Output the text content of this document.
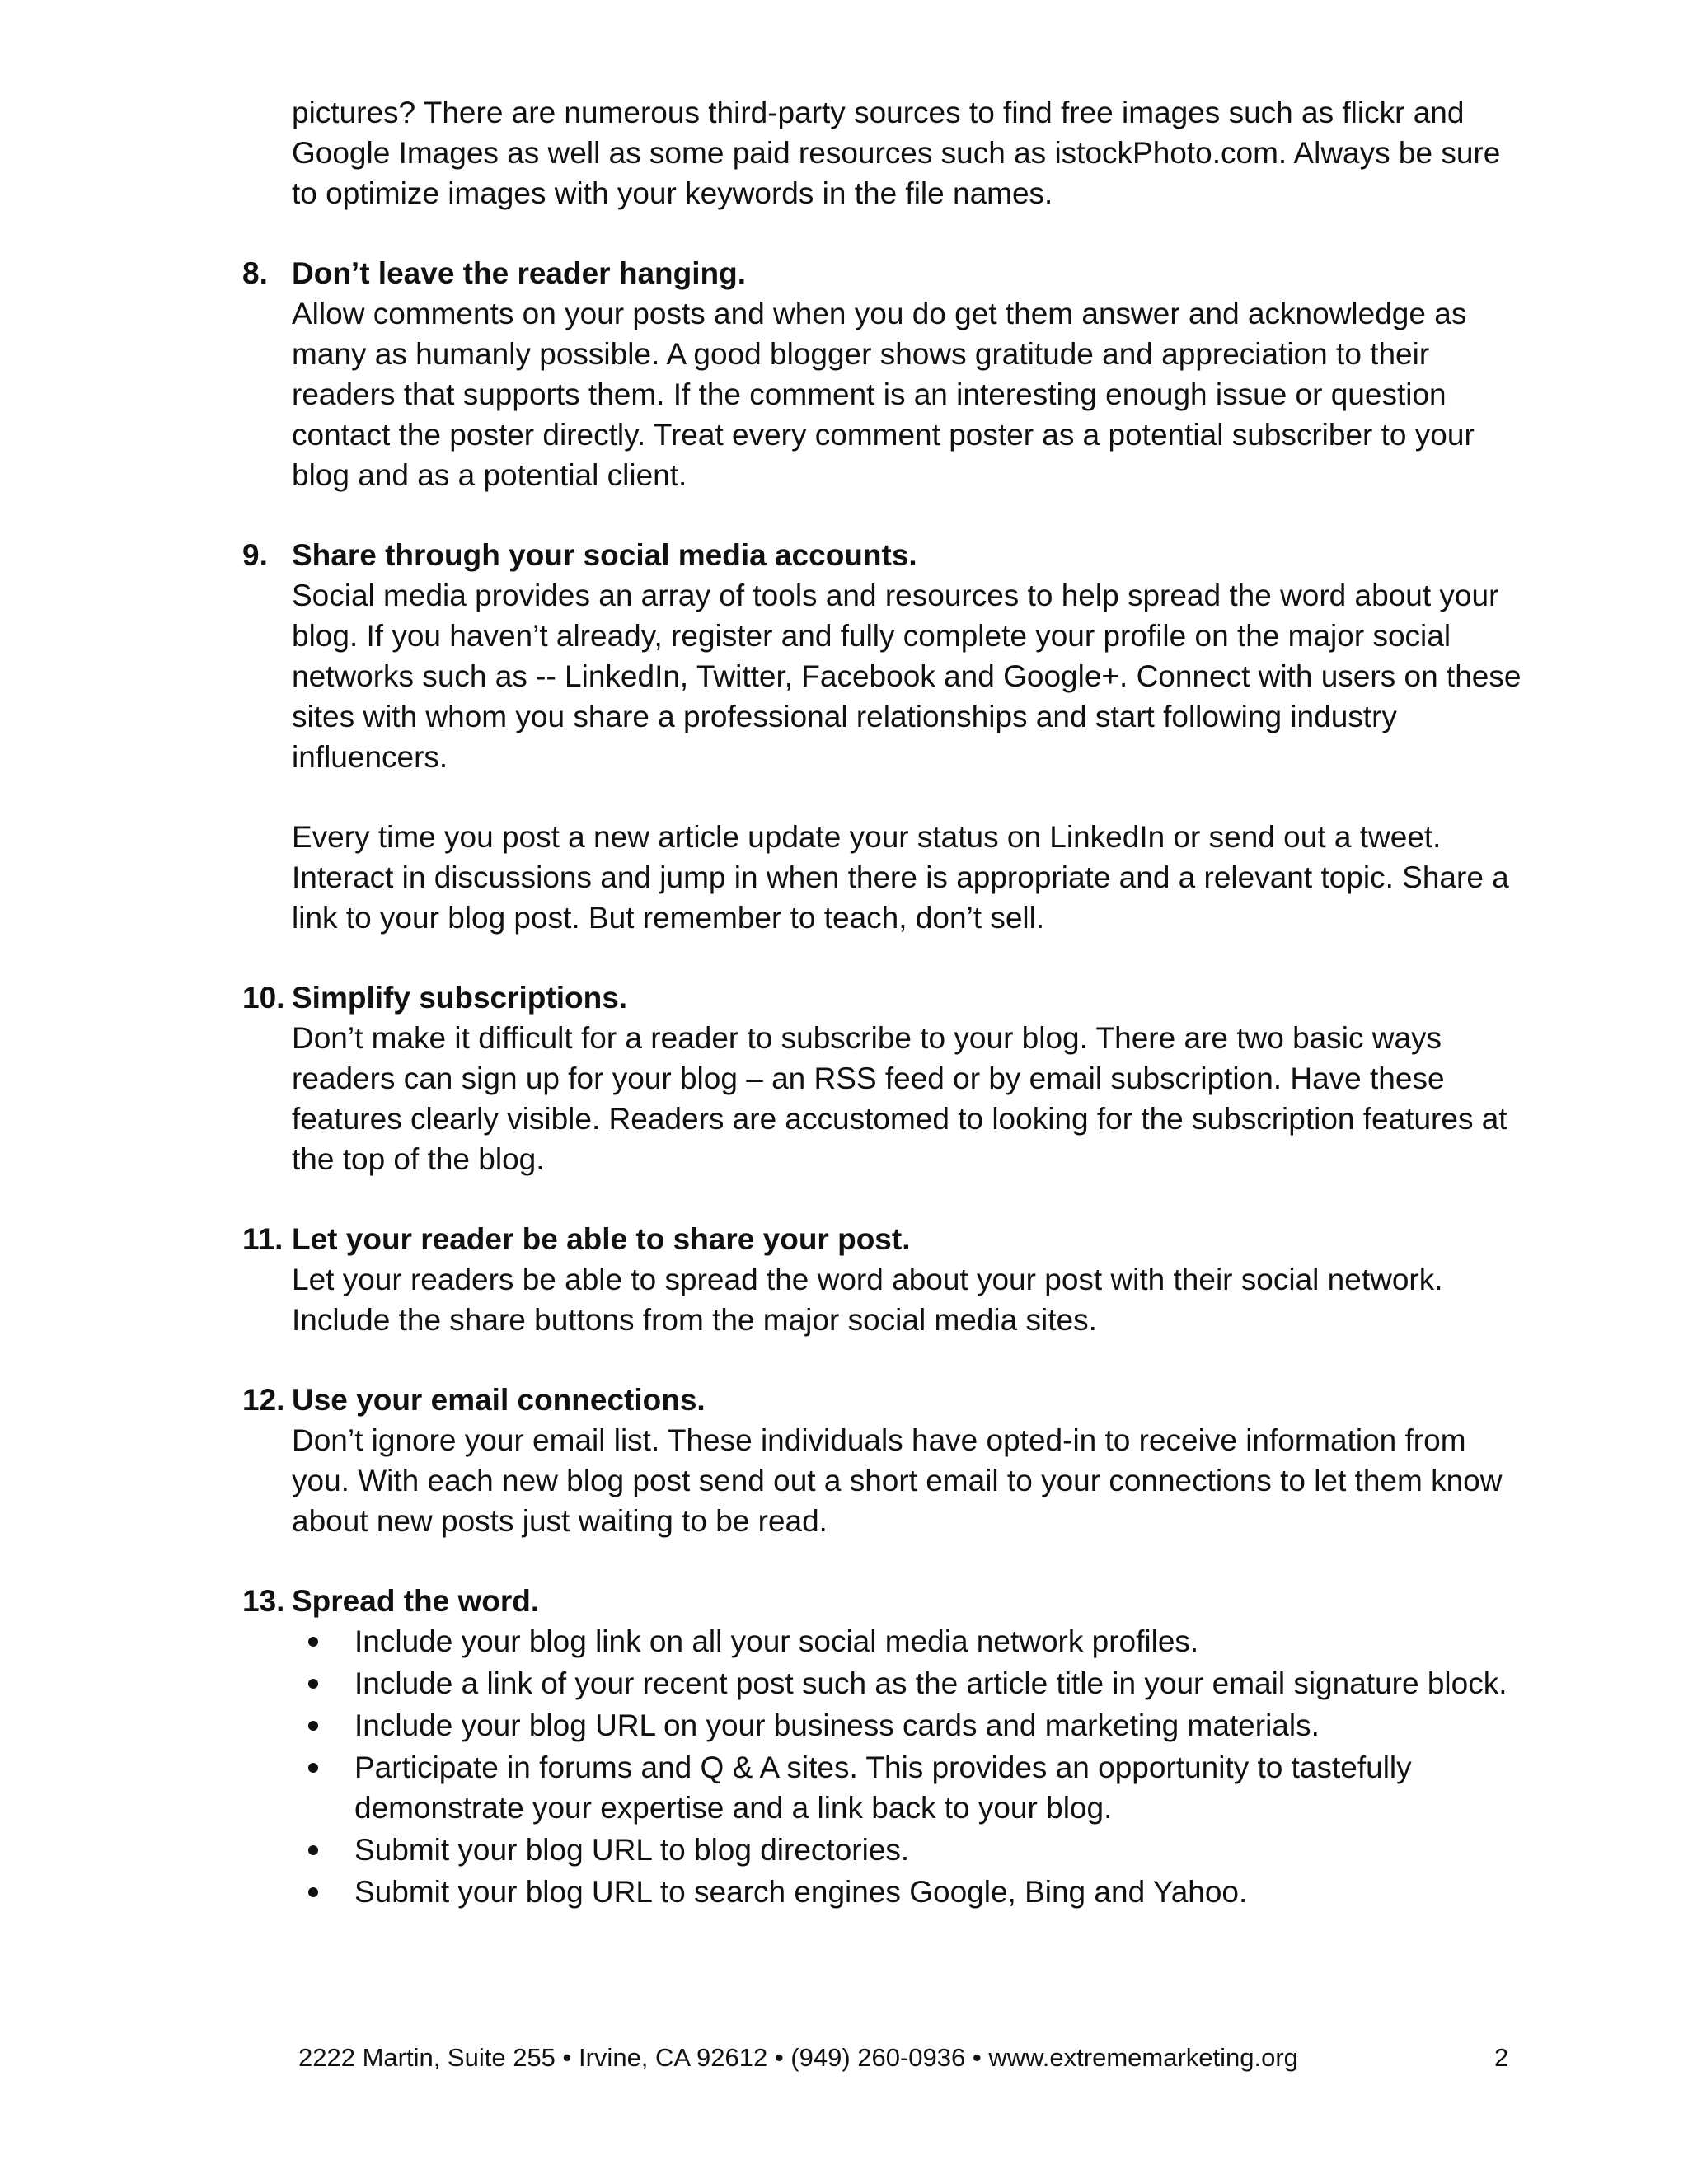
pictures? There are numerous third-party sources to find free images such as flickr and Google Images as well as some paid resources such as istockPhoto.com. Always be sure to optimize images with your keywords in the file names.

8. Don’t leave the reader hanging.

Allow comments on your posts and when you do get them answer and acknowledge as many as humanly possible. A good blogger shows gratitude and appreciation to their readers that supports them. If the comment is an interesting enough issue or question contact the poster directly. Treat every comment poster as a potential subscriber to your blog and as a potential client.

9. Share through your social media accounts.

Social media provides an array of tools and resources to help spread the word about your blog. If you haven’t already, register and fully complete your profile on the major social networks such as -- LinkedIn, Twitter, Facebook and Google+. Connect with users on these sites with whom you share a professional relationships and start following industry influencers.

Every time you post a new article update your status on LinkedIn or send out a tweet. Interact in discussions and jump in when there is appropriate and a relevant topic. Share a link to your blog post. But remember to teach, don’t sell.

10. Simplify subscriptions.

Don’t make it difficult for a reader to subscribe to your blog. There are two basic ways readers can sign up for your blog – an RSS feed or by email subscription. Have these features clearly visible. Readers are accustomed to looking for the subscription features at the top of the blog.

11. Let your reader be able to share your post.

Let your readers be able to spread the word about your post with their social network. Include the share buttons from the major social media sites.

12. Use your email connections.

Don’t ignore your email list. These individuals have opted-in to receive information from you. With each new blog post send out a short email to your connections to let them know about new posts just waiting to be read.

13. Spread the word.
Include your blog link on all your social media network profiles.
Include a link of your recent post such as the article title in your email signature block.
Include your blog URL on your business cards and marketing materials.
Participate in forums and Q & A sites. This provides an opportunity to tastefully demonstrate your expertise and a link back to your blog.
Submit your blog URL to blog directories.
Submit your blog URL to search engines Google, Bing and Yahoo.
2222 Martin, Suite 255 • Irvine, CA 92612 • (949) 260-0936 • www.extrememarketing.org	2
